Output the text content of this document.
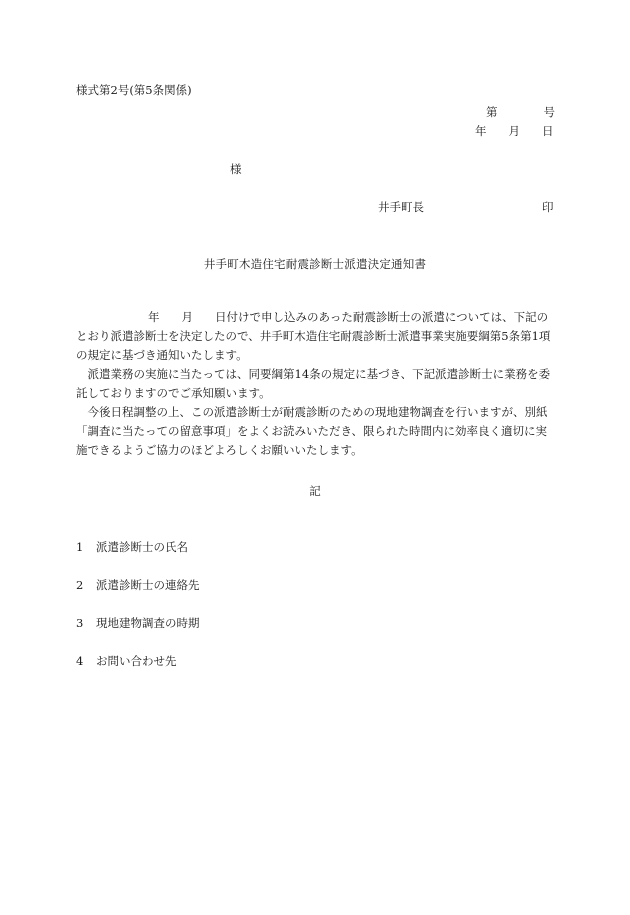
様式第2号(第5条関係)
第	号
年 月 日
様
井手町長	印
井手町木造住宅耐震診断士派遣決定通知書

年 月 日付けで申し込みのあった耐震診断士の派遣については、下記のとおり派遣診断士を決定したので、井手町木造住宅耐震診断士派遣事業実施要綱第5条第1項の規定に基づき通知いたします。

派遣業務の実施に当たっては、同要綱第14条の規定に基づき、下記派遣診断士に業務を委託しておりますのでご承知願います。

今後日程調整の上、この派遣診断士が耐震診断のための現地建物調査を行いますが、別紙「調査に当たっての留意事項」をよくお読みいただき、限られた時間内に効率良く適切に実施できるようご協力のほどよろしくお願いいたします。

記
1 派遣診断士の氏名
2 派遣診断士の連絡先
3 現地建物調査の時期
4 お問い合わせ先
